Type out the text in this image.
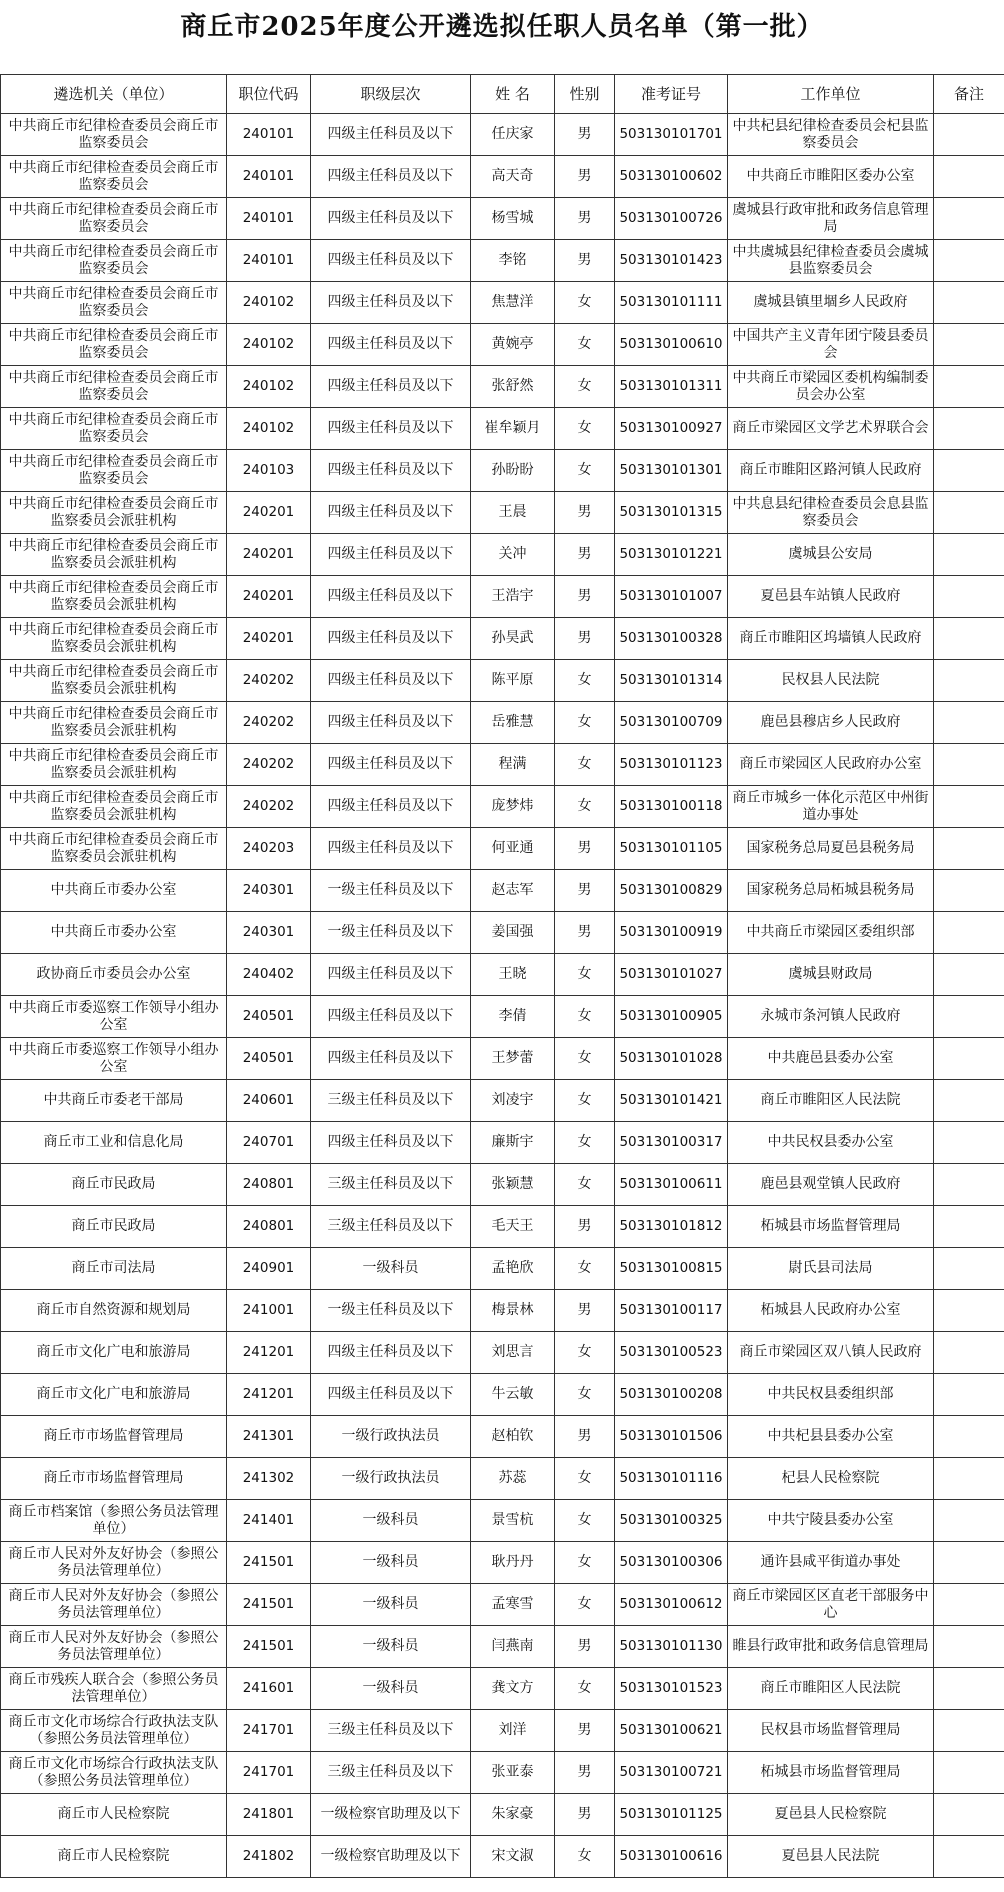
商丘市2025年度公开遴选拟任职人员名单（第一批）
遴选机关（单位）	职位代码	职级层次	姓 名	性别	准考证号	工作单位	备注
中共商丘市纪律检查委员会商丘市监察委员会	240101	四级主任科员及以下	任庆家	男	503130101701	中共杞县纪律检查委员会杞县监察委员会	
中共商丘市纪律检查委员会商丘市监察委员会	240101	四级主任科员及以下	高天奇	男	503130100602	中共商丘市睢阳区委办公室	
中共商丘市纪律检查委员会商丘市监察委员会	240101	四级主任科员及以下	杨雪城	男	503130100726	虞城县行政审批和政务信息管理局	
中共商丘市纪律检查委员会商丘市监察委员会	240101	四级主任科员及以下	李铭	男	503130101423	中共虞城县纪律检查委员会虞城县监察委员会	
中共商丘市纪律检查委员会商丘市监察委员会	240102	四级主任科员及以下	焦慧洋	女	503130101111	虞城县镇里堌乡人民政府	
中共商丘市纪律检查委员会商丘市监察委员会	240102	四级主任科员及以下	黄婉亭	女	503130100610	中国共产主义青年团宁陵县委员会	
中共商丘市纪律检查委员会商丘市监察委员会	240102	四级主任科员及以下	张舒然	女	503130101311	中共商丘市梁园区委机构编制委员会办公室	
中共商丘市纪律检查委员会商丘市监察委员会	240102	四级主任科员及以下	崔牟颖月	女	503130100927	商丘市梁园区文学艺术界联合会	
中共商丘市纪律检查委员会商丘市监察委员会	240103	四级主任科员及以下	孙盼盼	女	503130101301	商丘市睢阳区路河镇人民政府	
中共商丘市纪律检查委员会商丘市监察委员会派驻机构	240201	四级主任科员及以下	王晨	男	503130101315	中共息县纪律检查委员会息县监察委员会	
中共商丘市纪律检查委员会商丘市监察委员会派驻机构	240201	四级主任科员及以下	关冲	男	503130101221	虞城县公安局	
中共商丘市纪律检查委员会商丘市监察委员会派驻机构	240201	四级主任科员及以下	王浩宇	男	503130101007	夏邑县车站镇人民政府	
中共商丘市纪律检查委员会商丘市监察委员会派驻机构	240201	四级主任科员及以下	孙昊武	男	503130100328	商丘市睢阳区坞墙镇人民政府	
中共商丘市纪律检查委员会商丘市监察委员会派驻机构	240202	四级主任科员及以下	陈平原	女	503130101314	民权县人民法院	
中共商丘市纪律检查委员会商丘市监察委员会派驻机构	240202	四级主任科员及以下	岳雅慧	女	503130100709	鹿邑县穆店乡人民政府	
中共商丘市纪律检查委员会商丘市监察委员会派驻机构	240202	四级主任科员及以下	程满	女	503130101123	商丘市梁园区人民政府办公室	
中共商丘市纪律检查委员会商丘市监察委员会派驻机构	240202	四级主任科员及以下	庞梦炜	女	503130100118	商丘市城乡一体化示范区中州街道办事处	
中共商丘市纪律检查委员会商丘市监察委员会派驻机构	240203	四级主任科员及以下	何亚通	男	503130101105	国家税务总局夏邑县税务局	
中共商丘市委办公室	240301	一级主任科员及以下	赵志军	男	503130100829	国家税务总局柘城县税务局	
中共商丘市委办公室	240301	一级主任科员及以下	姜国强	男	503130100919	中共商丘市梁园区委组织部	
政协商丘市委员会办公室	240402	四级主任科员及以下	王晓	女	503130101027	虞城县财政局	
中共商丘市委巡察工作领导小组办公室	240501	四级主任科员及以下	李倩	女	503130100905	永城市条河镇人民政府	
中共商丘市委巡察工作领导小组办公室	240501	四级主任科员及以下	王梦蕾	女	503130101028	中共鹿邑县委办公室	
中共商丘市委老干部局	240601	三级主任科员及以下	刘凌宇	女	503130101421	商丘市睢阳区人民法院	
商丘市工业和信息化局	240701	四级主任科员及以下	廉斯宇	女	503130100317	中共民权县委办公室	
商丘市民政局	240801	三级主任科员及以下	张颖慧	女	503130100611	鹿邑县观堂镇人民政府	
商丘市民政局	240801	三级主任科员及以下	毛天王	男	503130101812	柘城县市场监督管理局	
商丘市司法局	240901	一级科员	孟艳欣	女	503130100815	尉氏县司法局	
商丘市自然资源和规划局	241001	一级主任科员及以下	梅景林	男	503130100117	柘城县人民政府办公室	
商丘市文化广电和旅游局	241201	四级主任科员及以下	刘思言	女	503130100523	商丘市梁园区双八镇人民政府	
商丘市文化广电和旅游局	241201	四级主任科员及以下	牛云敏	女	503130100208	中共民权县委组织部	
商丘市市场监督管理局	241301	一级行政执法员	赵柏钦	男	503130101506	中共杞县县委办公室	
商丘市市场监督管理局	241302	一级行政执法员	苏蕊	女	503130101116	杞县人民检察院	
商丘市档案馆（参照公务员法管理单位）	241401	一级科员	景雪杭	女	503130100325	中共宁陵县委办公室	
商丘市人民对外友好协会（参照公务员法管理单位）	241501	一级科员	耿丹丹	女	503130100306	通许县咸平街道办事处	
商丘市人民对外友好协会（参照公务员法管理单位）	241501	一级科员	孟寒雪	女	503130100612	商丘市梁园区区直老干部服务中心	
商丘市人民对外友好协会（参照公务员法管理单位）	241501	一级科员	闫燕南	男	503130101130	睢县行政审批和政务信息管理局	
商丘市残疾人联合会（参照公务员法管理单位）	241601	一级科员	龚文方	女	503130101523	商丘市睢阳区人民法院	
商丘市文化市场综合行政执法支队（参照公务员法管理单位）	241701	三级主任科员及以下	刘洋	男	503130100621	民权县市场监督管理局	
商丘市文化市场综合行政执法支队（参照公务员法管理单位）	241701	三级主任科员及以下	张亚泰	男	503130100721	柘城县市场监督管理局	
商丘市人民检察院	241801	一级检察官助理及以下	朱家豪	男	503130101125	夏邑县人民检察院	
商丘市人民检察院	241802	一级检察官助理及以下	宋文淑	女	503130100616	夏邑县人民法院	
